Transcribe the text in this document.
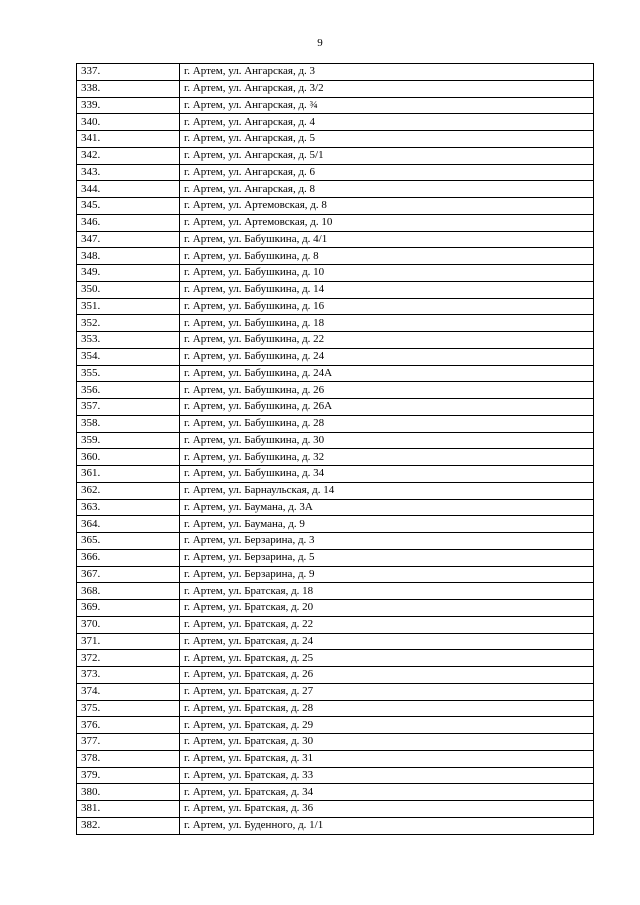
9
337.	г. Артем, ул. Ангарская, д. 3
338.	г. Артем, ул. Ангарская, д. 3/2
339.	г. Артем, ул. Ангарская, д. ¾
340.	г. Артем, ул. Ангарская, д. 4
341.	г. Артем, ул. Ангарская, д. 5
342.	г. Артем, ул. Ангарская, д. 5/1
343.	г. Артем, ул. Ангарская, д. 6
344.	г. Артем, ул. Ангарская, д. 8
345.	г. Артем, ул. Артемовская, д. 8
346.	г. Артем, ул. Артемовская, д. 10
347.	г. Артем, ул. Бабушкина, д. 4/1
348.	г. Артем, ул. Бабушкина, д. 8
349.	г. Артем, ул. Бабушкина, д. 10
350.	г. Артем, ул. Бабушкина, д. 14
351.	г. Артем, ул. Бабушкина, д. 16
352.	г. Артем, ул. Бабушкина, д. 18
353.	г. Артем, ул. Бабушкина, д. 22
354.	г. Артем, ул. Бабушкина, д. 24
355.	г. Артем, ул. Бабушкина, д. 24А
356.	г. Артем, ул. Бабушкина, д. 26
357.	г. Артем, ул. Бабушкина, д. 26А
358.	г. Артем, ул. Бабушкина, д. 28
359.	г. Артем, ул. Бабушкина, д. 30
360.	г. Артем, ул. Бабушкина, д. 32
361.	г. Артем, ул. Бабушкина, д. 34
362.	г. Артем, ул. Барнаульская, д. 14
363.	г. Артем, ул. Баумана, д. 3А
364.	г. Артем, ул. Баумана, д. 9
365.	г. Артем, ул. Берзарина, д. 3
366.	г. Артем, ул. Берзарина, д. 5
367.	г. Артем, ул. Берзарина, д. 9
368.	г. Артем, ул. Братская, д. 18
369.	г. Артем, ул. Братская, д. 20
370.	г. Артем, ул. Братская, д. 22
371.	г. Артем, ул. Братская, д. 24
372.	г. Артем, ул. Братская, д. 25
373.	г. Артем, ул. Братская, д. 26
374.	г. Артем, ул. Братская, д. 27
375.	г. Артем, ул. Братская, д. 28
376.	г. Артем, ул. Братская, д. 29
377.	г. Артем, ул. Братская, д. 30
378.	г. Артем, ул. Братская, д. 31
379.	г. Артем, ул. Братская, д. 33
380.	г. Артем, ул. Братская, д. 34
381.	г. Артем, ул. Братская, д. 36
382.	г. Артем, ул. Буденного, д. 1/1
